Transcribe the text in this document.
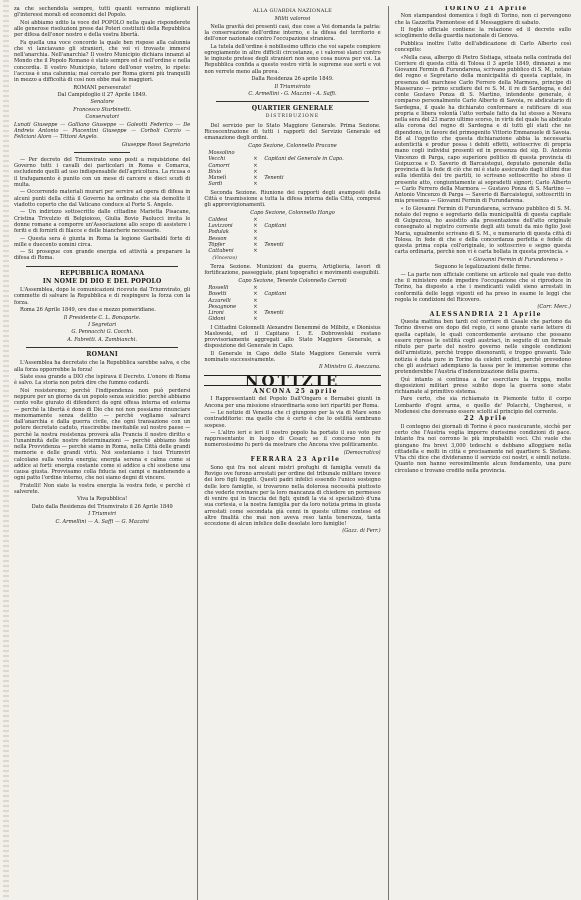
za che sechendola sempre, tutti quanti verranno migliorati gl'interessi morali ed economici del Popolo.

Noi abbiamo udito la voce del POPOLO nella quale risponderete alle generose risoluzioni prese dai Poteri costituiti della Repubblica per difesa dell'onor nostro e della vostra libertà.

Fa quella una voce concorde la quale ben rispose alla calunnia che vi lanciavano gli stranieri, che voi vi trovaste immersi nell'anarchia. Nell'anarchia? Il vostro Municipio dichiara innanzi al Mondo che il Popolo Romano è stato sempre ed è nell'ordine e nella concordia. Il vostro Municipio, tutore dell'onor vostro, lo ripete: l'accusa è una calunnia; mai cercato per Roma giorni più tranquilli in mezzo a difficoltà di così non ebbe mai le maggiori.

ROMANI perseverate!

Dal Campidoglio il 27 Aprile 1849.

Senatore

Francesco Sturbinetti.

Conservatori

Lunati Giuseppe — Galliano Giuseppe — Galeotti Federico — De Andreis Antonio — Piacentini Giuseppe — Corboli Corzio — Feliciani Aloro — Tittoni Angelo.

Giuseppe Rossi Segretario

— Per decreto del Triumvirato sono posti a requisizione del Governo tutti i cavalli dei particolari in Roma e Comarca, escludendo quelli ad uso indispensabile dell'agricoltura. La ricusa o il trafugamento è punito con un mese di carcere e dieci scudi di multa.

— Occorrendo materiali murari per servire ad opera di difesa in alcuni punti della città il Governo ha ordinato che sia demolito il viadotto coperto che dal Vaticano conduce al Forte S. Angelo.

— Un indirizzo sottoscritto dalle cittadine Marietta Pisacane, Cristina Trivulzio di Belgioioso, Giulia Bovio Paolucci invita le donne romane a comporre un'Associazione allo scopo di assistere i feriti e di fornirli di filacce e delle biancherie necessarie.

— Questa sera è giunta in Roma la legione Garibaldi forte di mille e duecento uomini circa.

— Si prosegue con grande energia ed attività a preparare la difesa di Roma.

REPUBBLICA ROMANA
IN NOME DI DIO E DEL POPOLO

L'Assemblea, dopo le comunicazioni ricevute dal Triumvirato, gli commette di salvare la Repubblica e di respingere la forza con la forza.

Roma 26 Aprile 1849, ore due e mezzo pomeridiane.

Il Presidente C. L. Bonaparte.

I Segretari

G. Pennacchi G. Cocchi.

A. Fabretti. A. Zambianchi.

ROMANI

L'Assemblea ha decretato che la Repubblica sarebbe salva, e che alla forza opporrebbe la forza!

Siate essa grande a DIO che ispirava il Decreto. L'onore di Roma è salvo. La storia non potrà dire che fummo codardi.

Noi resisteremo; perchè l'indipendenza non può perdersi neppure per un giorno da un popolo senza suicidio: perchè abbiamo cento volte giurato di difenderci da ogni offesa interna ed esterna — perchè la libertà è dono di Dio che noi non possiamo rinunciare menomamente senza delitto — perchè vogliamo salvarci dall'anarchia e dalla guerra civile, che ogni transazione con un potere decretato caduto, riuscirebbe inevitabile sul nostro paese — perchè la nostra resistenza proverà alla Francia il nostro diritto e l'unanimità delle nostre determinazioni — perchè abbiamo fede nella Provvidenza — perchè siamo in Roma, nella Città delle grandi memorie e delle grandi virtù. Noi sosteniamo i tuoi Triumviri calcolano sulla vostra energia; energia serena e calma come si addice ai forti: energia costante come si addice a chi sostiene una causa giusta. Provvisamo colla fiducia nei campi e mantenendo a ogni patto l'ordine interno, che noi siamo degni di vincere.

Fratelli! Non siate la vostra energia la vostra fede, e perchè ci salverete.

Viva la Repubblica!

Dato dalla Residenza del Triumvirato il 26 Aprile 1849

I Triumviri

C. Armellini — A. Saffi — G. Mazzini

ALLA GUARDIA NAZIONALE

Militi valorosi

Nella gravità dei presenti casi, due cose a Voi domanda la patria: la conservazione dell'ordine interno, e la difesa del territorio e dell'onor nazionale contro l'occupazione straniera.

La tutela dell'ordine è nobilissimo ufficio che voi sapete compiere egregiamente in altre difficili circostanze, e i valorosi slanci contro le ingiuste pretese degli stranieri non sono cosa nuova per voi. La Repubblica confida a questo vostro virtù le supreme sue sorti e voi non verrete meno alla prova.

Dalla Residenza 26 aprile 1849.

Il Triumvirato

C. Armellini - G. Mazzini - A. Saffi.

QUARTIER GENERALE
DISTRIBUZIONE

Del servizio per lo Stato Maggiore Generale. Prima Sezione. Ricoscentrazione di tutti i rapporti del Servizio Generale ed emanazione degli ordini.

Capo Sezione, Colonnello Pracane

Mossolino
Vecchi	×	Capitani del Generale in Capo.
Camorri	×
Bixio	×
Manelì	×	Tenenti
Sardi	×

Seconda Sezione. Riunione dei rapporti degli avamposti della Città e trasmissione a tutta la difesa interna della Città, compresi gli approvvigionamenti.

Capo Sezione, Colonnello Hango

Caldesi	×
Lavizzoni	×	Capitani
Podulak	×
Besson	×
Töpfer	×	Tenenti
Cattabeni	×

(Vincenzo)

Terza Sezione. Munizioni da guerra, Artiglieria, lavori di fortificazione, passeggiate, piani topografici e movimenti eseguibili.

Capo Sezione, Tenente Colonnello Cerroti

Rosselli	×
Bosetti	×	Capitani
Azzarelli	×
Pesagnone	×
Lironi	×	Tenenti
Gidoni	×

I Cittadini Colonnelli Alexandre Ilenemmé de Milbitz, e Dionisius Maslowski, ed il Capitano I. E. Dobrowolski restano provvisoriamente aggregati allo Stato Maggiore Generale, a disposizione del Generale in Capo.

Il Generale in Capo dello Stato Maggiore Generale verrà nominato successivamente.

Il Ministro G. Avezzana.

NOTIZIE

ANCONA 25 aprile

I Rappresentanti del Popolo Dall'Ongaro e Bernabei giunti in Ancona per una missione straordinaria sono ieri ripartiti per Roma.

— Le notizie di Venezia che ci giungono per la via di Mare sono contradditorie: ma quello che è certo è che lo ostilità sembrano sospese.

— L'altro ieri e ieri il nostro popolo ha portato il suo voto per rappresentante in luogo di Cesari; se il concorso non fu numerosissimo fu però da mostrare che Ancona vive politicamente.

(Democratico)

FERRARA 23 Aprile

Sono qui fra noi alcuni mistri profughi di famiglia venuti da Rovigo ove furono arrestati per ordine del tribunale militare invece dei loro figli fuggiti. Questi padri infelici essendo l'unico sostegno delle loro famiglie, si trovarono nella dolorosa necessità piuttosto che vederle rovinare per la loro mancanza di chiedere un permesso di venire qui in traccia dei figli; quindi la via si specializzò d'una sua cortesia, e la nostra famiglia pur da loro notizia prima in giusta arrestati come secondata già cenni in queste ultime contese ed altre finalità che mai non aveva reso tanta tenerezza, tanta eccezione di alcun infelice delle desolate loro famiglie!

(Gazz. di Ferr.)

TORINO 21 Aprile

Non stampandosi domenica i fogli di Torino, non ci pervengono che la Gazzetta Piemontese ed il Messaggiere di sabato.

Il foglio ufficiale contiene la relazione ed il decreto sullo scioglimento della guardia nazionale di Genova.

Pubblica inoltre l'atto dell'abdicazione di Carlo Alberto così concepito:

«Nella casa, albergo di Pietro Sistiaga, situata nella contrada del Corriere di questa città di Tolosa il 3 aprile 1849, dinnanzi a me Giovanni Fermin di Furundarena, scrivano pubblico di S. M., notaio del regno e Segretario della municipalità di questa capitale, in presenza del marchese Carlo Ferrero della Marmora, principe di Masserano — primo scudiere del re S. M. il re di Sardegna, e del conte Gustavo Ponza di S. Martino, intendente generale, è comparso personalmente Carlo Alberto di Savoia, re abdicatario di Sardegna, il quale ha dichiarato conformare e ratificare di sua propria e libera volontà l'atto verbale fatto da lui stesso a Novara nella sera del 23 marzo ultimo scorso, in virtù del quale ha abdicato alla corona del regno di Sardegna e di tutti gli stati che ne dipendono, in favore del primogenito Vittorio Emmanuele di Savoia. Ed al l'oggetto che questa dichiarazione abbia la necessaria autenticità e produr possa i debiti effetti, sottoscrive di propria mano cogli individui presenti ed in presenza del sig. D. Antonio Vincenzo di Parga, capo superiore politico di questa provincia di Guipuzcoa e D. Saverio di Barcaistegui, deputato generale della provincia di la fede di ciò che mi è stato assicurato dagli ultimi due sulla identità dei tre partiti, io scrivano sottoscritto ho steso il presente atto, congiuntamente ai sopradetti signori; Carlo Alberto — Carlo Ferrero della Marmora — Gustavo Ponza di S. Martino — Antonio Vincenzo di Parga — Saverio di Barcaistegui, sottoscritti in mia presenza — Giovanni Fermin di Furundarena.

« Io Giovanni Fermin di Furundarena, scrivano pubblico di S. M. notaio del regno e segretario della municipalità di questa capitale di Guipuzcoa, ho assistito alla presentazione dell'atto originale consegnato al registro corrente degli atti tenuti da mio figlio José Maria, ugualmente scrivano di S. M., e numerario di questa città di Tolosa. In fede di che e della concordanza perfetta e fedele di questa prima copia coll'originale, io sottoscrivo e segno questa carta ordinaria, perchè non vi è carta bollata in questa provincia. »

« Giovanni Fermin di Furundarena »

Seguono le legalizzazioni delle firme.

— La parte non ufficiale contiene un articolo nel quale vuo detto che il ministero onde impedire l'occupazione che si riproduce in Torino, ha disposto a che i mendicanti validi sieno arrestati in conformità delle leggi vigenti ed ha preso in esame le leggi che regola le condizioni del Ricovero.

(Corr. Merc.)

ALESSANDRIA 21 Aprile

Questa mattina ben tardi col corriere di Casale che partono da Torino diverse ore dopo del regio, ci sono giunte varie lettere di quella capitale, le quali concordemente avvisano che possano essere riprese le ostilità cogli austriaci, in seguito di un formale rifiuto per parte del nostro governo nelle singole condizioni dell'armistizio, perchè troppo disonoranti, e troppo gravanti. Tale notizia è data pure in Torino da celebri codici, perchè prevedono che gli austriaci adempiano la tassa per le immense somme che pretenderebbe l'Austria d'indennizzazione della guerra.

Quì intanto si continua a far esercitare la truppa, molte disposizioni militari preso subito dopo la guerra sono state richiamate al primitivo sistema.

Pare certo, che sia richiamato in Piemonte tutto il corpo Lombardo d'ogni arma, e quello de' Polacchi, Ungheresi, e Modenesi che dovevano essere sciolti al principio del corrente.

22 Aprile

Il contegno dei giornali di Torino è poco rassicurante, sicchè per certo che l'Austria voglia imporre durissime condizioni di pace. Intanto fra noi corrono le più improbabili voci. Chi vuole che giungano fra brevi 3,000 tedeschi e debbano alloggiare nella cittadella e molti in città e precisamente nel quartiere S. Stefano. V'ha chi dice che divideranno il servizio coi nostri, e simili notizie. Quanto non hanno verosimilmente alcun fondamento, una pure circolano e trovano credito nella provincia.
